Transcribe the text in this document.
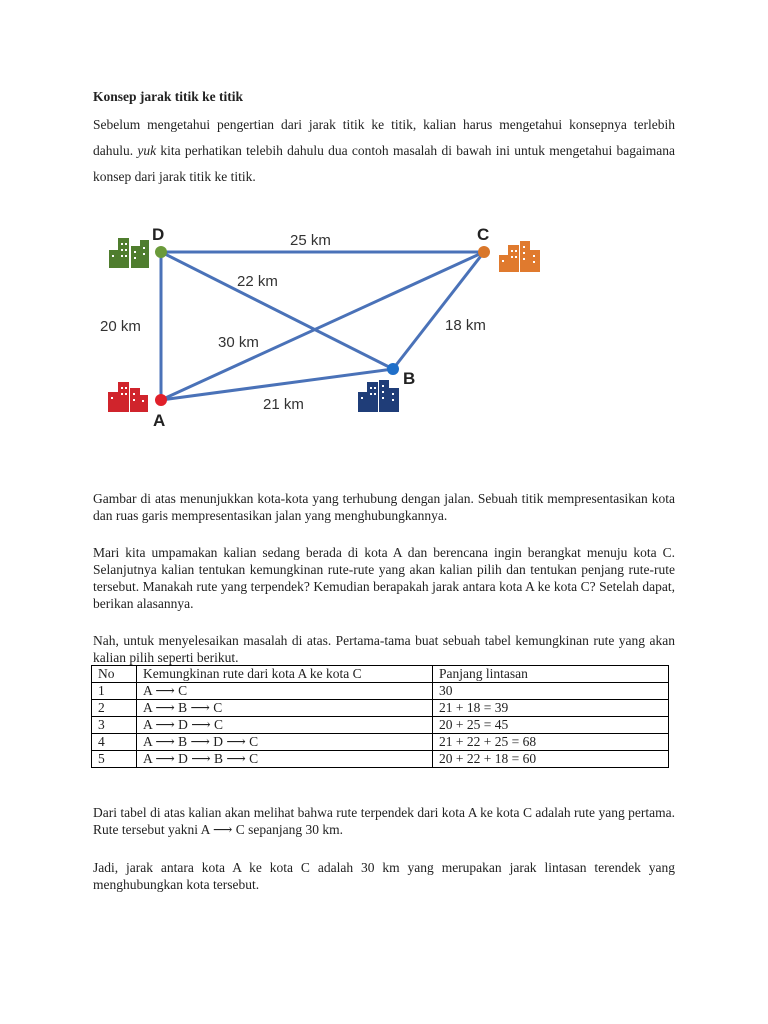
Konsep jarak titik ke titik
Sebelum mengetahui pengertian dari jarak titik ke titik, kalian harus mengetahui konsepnya terlebih dahulu. yuk kita perhatikan telebih dahulu dua contoh masalah di bawah ini untuk mengetahui bagaimana konsep dari jarak titik ke titik.
25 km
22 km
20 km
30 km
18 km
21 km
D	C
A
B
Gambar di atas menunjukkan kota-kota yang terhubung dengan jalan. Sebuah titik mempresentasikan kota dan ruas garis mempresentasikan jalan yang menghubungkannya.
Mari kita umpamakan kalian sedang berada di kota A dan berencana ingin berangkat menuju kota C. Selanjutnya kalian tentukan kemungkinan rute-rute yang akan kalian pilih dan tentukan penjang rute-rute tersebut. Manakah rute yang terpendek? Kemudian berapakah jarak antara kota A ke kota C? Setelah dapat, berikan alasannya.
Nah, untuk menyelesaikan masalah di atas. Pertama-tama buat sebuah tabel kemungkinan rute yang akan kalian pilih seperti berikut.
No	Kemungkinan rute dari kota A ke kota C	Panjang lintasan
1	A ⟶ C	30
2	A ⟶ B ⟶ C	21 + 18 = 39
3	A ⟶ D ⟶ C	20 + 25 = 45
4	A ⟶ B ⟶ D ⟶ C	21 + 22 + 25 = 68
5	A ⟶ D ⟶ B ⟶ C	20 + 22 + 18 = 60
Dari tabel di atas kalian akan melihat bahwa rute terpendek dari kota A ke kota C adalah rute yang pertama. Rute tersebut yakni A ⟶ C sepanjang 30 km.
Jadi, jarak antara kota A ke kota C adalah 30 km yang merupakan jarak lintasan terendek yang menghubungkan kota tersebut.
